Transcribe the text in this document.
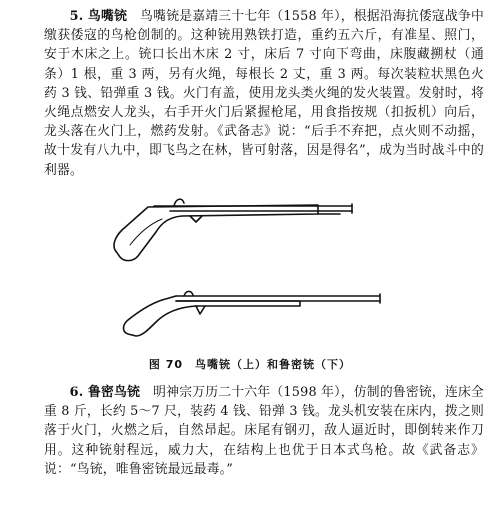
5. 鸟嘴铳　 鸟嘴铳是嘉靖三十七年（1558 年），根据沿海抗倭寇战争中缴获倭寇的鸟枪创制的。这种铳用熟铁打造，重约五六斤，有准星、照门，安于木床之上。铳口长出木床 2 寸，床后 7 寸向下弯曲，床腹藏搠杖（通条）1 根，重 3 两，另有火绳，每根长 2 丈，重 3 两。每次装粒状黑色火药 3 钱、铅弹重 3 钱。火门有盖，使用龙头类火绳的发火装置。发射时，将火绳点燃安人龙头，右手开火门后紧握枪尾，用食指按规（扣扳机）向后，龙头落在火门上，燃药发射。《武备志》说：“后手不弃把，点火则不动摇，故十发有八九中，即飞鸟之在林，皆可射落，因是得名”，成为当时战斗中的利器。
图 70　鸟嘴铳（上）和鲁密铳（下）
6. 鲁密鸟铳　 明神宗万历二十六年（1598 年），仿制的鲁密铳，连床全重 8 斤，长约 5～7 尺，装药 4 钱、铅弹 3 钱。龙头机安装在床内，拨之则落于火门，火燃之后，自然昂起。床尾有钢刃，敌人逼近时，即倒转来作刀用。这种铳射程远，威力大，在结构上也优于日本式鸟枪。故《武备志》说：“鸟铳，唯鲁密铳最远最毒。”
